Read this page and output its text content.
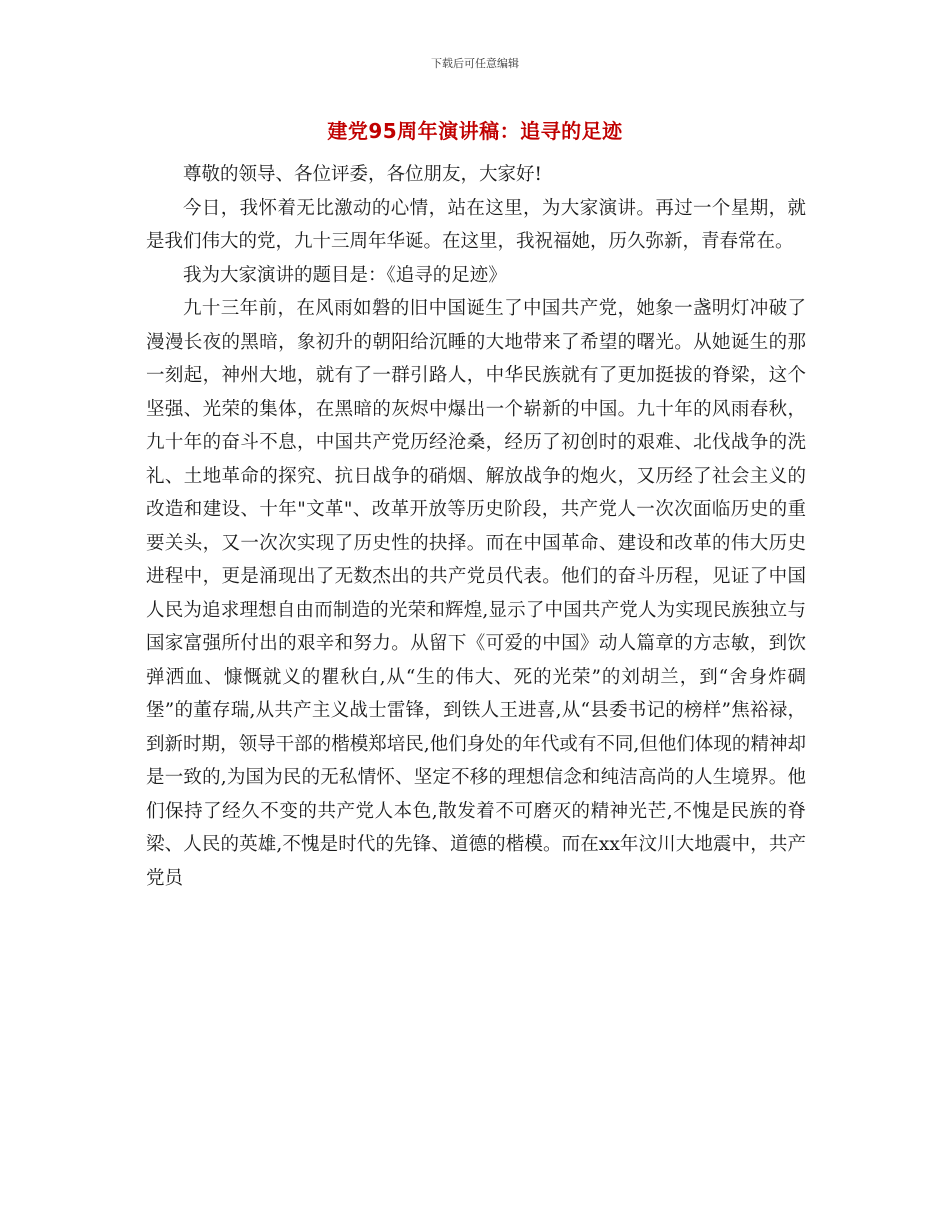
下载后可任意编辑
建党95周年演讲稿：追寻的足迹

尊敬的领导、各位评委，各位朋友，大家好!

今日，我怀着无比激动的心情，站在这里，为大家演讲。再过一个星期，就是我们伟大的党，九十三周年华诞。在这里，我祝福她，历久弥新，青春常在。

我为大家演讲的题目是：《追寻的足迹》

九十三年前，在风雨如磐的旧中国诞生了中国共产党，她象一盏明灯冲破了漫漫长夜的黑暗，象初升的朝阳给沉睡的大地带来了希望的曙光。从她诞生的那一刻起，神州大地，就有了一群引路人，中华民族就有了更加挺拔的脊梁，这个坚强、光荣的集体，在黑暗的灰烬中爆出一个崭新的中国。九十年的风雨春秋，九十年的奋斗不息，中国共产党历经沧桑，经历了初创时的艰难、北伐战争的洗礼、土地革命的探究、抗日战争的硝烟、解放战争的炮火，又历经了社会主义的改造和建设、十年"文革"、改革开放等历史阶段，共产党人一次次面临历史的重要关头，又一次次实现了历史性的抉择。而在中国革命、建设和改革的伟大历史进程中，更是涌现出了无数杰出的共产党员代表。他们的奋斗历程，见证了中国人民为追求理想自由而制造的光荣和辉煌,显示了中国共产党人为实现民族独立与国家富强所付出的艰辛和努力。从留下《可爱的中国》动人篇章的方志敏，到饮弹洒血、慷慨就义的瞿秋白,从“生的伟大、死的光荣”的刘胡兰，到“舍身炸碉堡”的董存瑞,从共产主义战士雷锋，到铁人王进喜,从“县委书记的榜样”焦裕禄，到新时期，领导干部的楷模郑培民,他们身处的年代或有不同,但他们体现的精神却是一致的,为国为民的无私情怀、坚定不移的理想信念和纯洁高尚的人生境界。他们保持了经久不变的共产党人本色,散发着不可磨灭的精神光芒,不愧是民族的脊梁、人民的英雄,不愧是时代的先锋、道德的楷模。而在xx年汶川大地震中，共产党员
